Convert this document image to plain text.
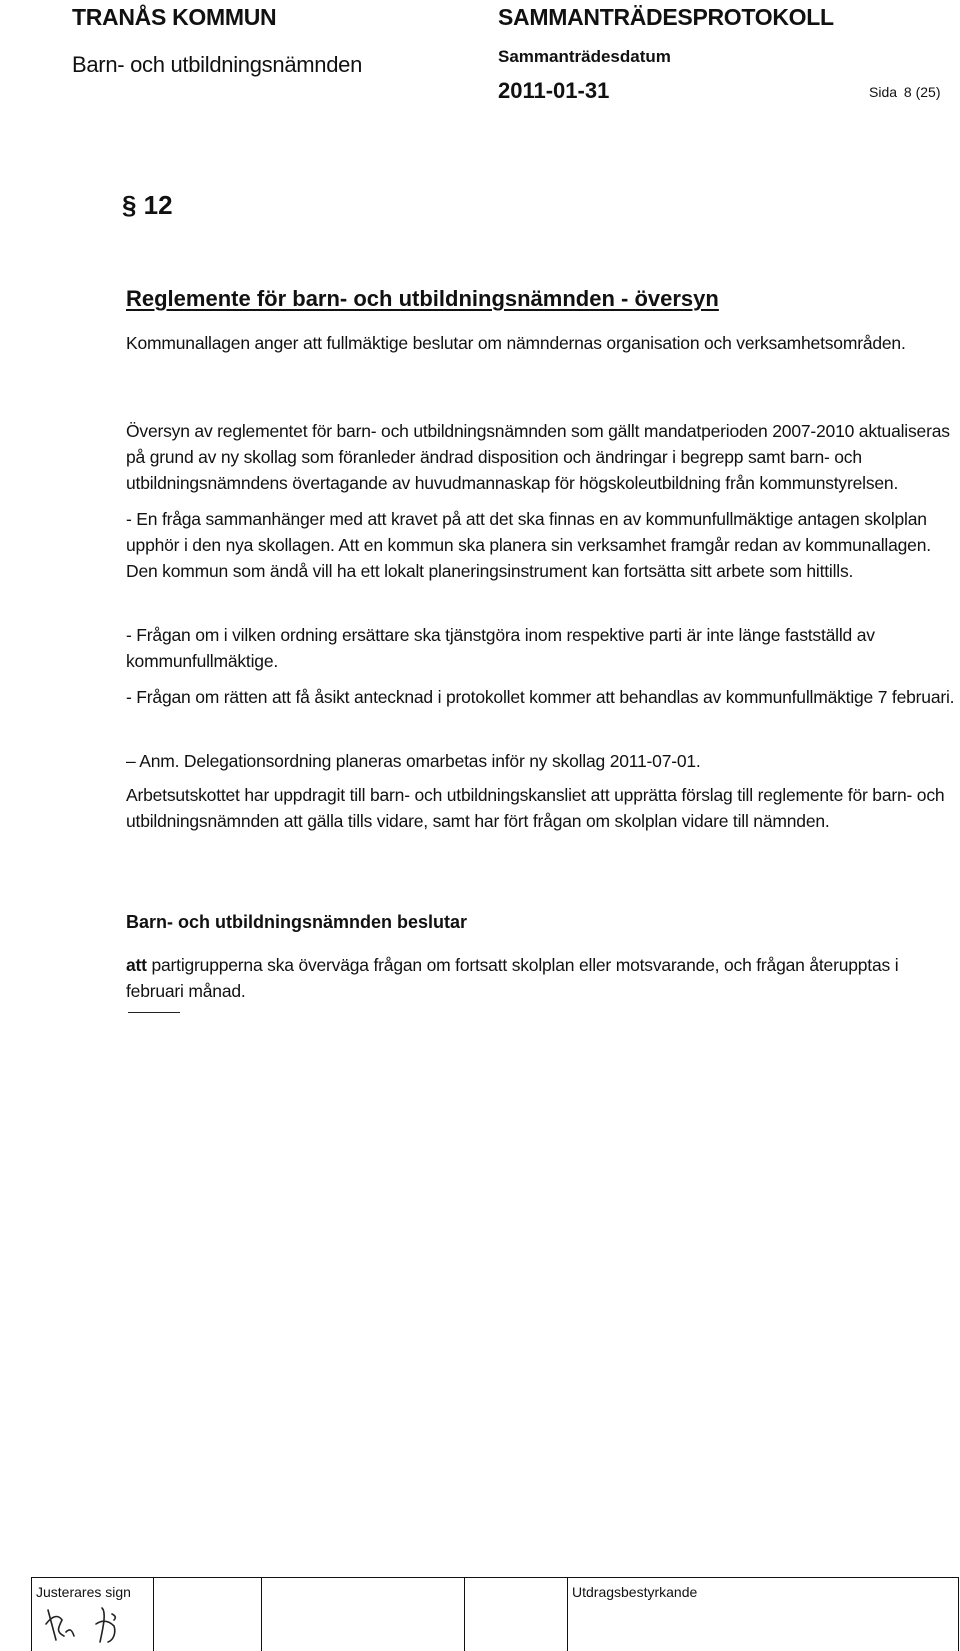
TRANÅS KOMMUN	SAMMANTRÄDESPROTOKOLL
Barn- och utbildningsnämnden	Sammanträdesdatum
2011-01-31	Sida 8 (25)
§ 12
Reglemente för barn- och utbildningsnämnden - översyn
Kommunallagen anger att fullmäktige beslutar om nämndernas organisation och verksamhetsområden.
Översyn av reglementet för barn- och utbildningsnämnden som gällt mandatperioden 2007-2010 aktualiseras på grund av ny skollag som föranleder ändrad disposition och ändringar i begrepp samt barn- och utbildningsnämndens övertagande av huvudmannaskap för högskoleutbildning från kommunstyrelsen.
- En fråga sammanhänger med att kravet på att det ska finnas en av kommunfullmäktige antagen skolplan upphör i den nya skollagen. Att en kommun ska planera sin verksamhet framgår redan av kommunallagen. Den kommun som ändå vill ha ett lokalt planeringsinstrument kan fortsätta sitt arbete som hittills.
- Frågan om i vilken ordning ersättare ska tjänstgöra inom respektive parti är inte länge fastställd av kommunfullmäktige.
- Frågan om rätten att få åsikt antecknad i protokollet kommer att behandlas av kommunfullmäktige 7 februari.
– Anm. Delegationsordning planeras omarbetas inför ny skollag 2011-07-01.
Arbetsutskottet har uppdragit till barn- och utbildningskansliet att upprätta förslag till reglemente för barn- och utbildningsnämnden att gälla tills vidare, samt har fört frågan om skolplan vidare till nämnden.
Barn- och utbildningsnämnden beslutar
att partigrupperna ska överväga frågan om fortsatt skolplan eller motsvarande, och frågan återupptas i februari månad.
Justerares sign	Utdragsbestyrkande
